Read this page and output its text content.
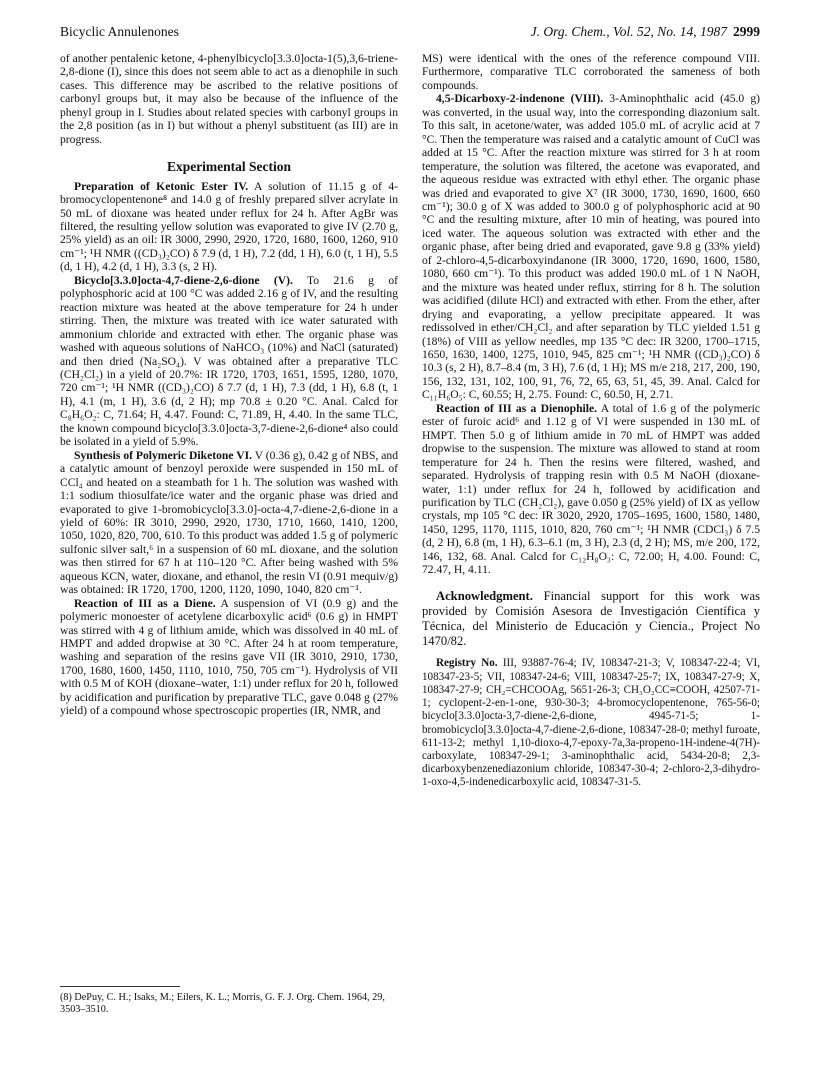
Bicyclic Annulenones	J. Org. Chem., Vol. 52, No. 14, 1987 2999

of another pentalenic ketone, 4-phenylbicyclo[3.3.0]octa-1(5),3,6-triene-2,8-dione (I), since this does not seem able to act as a dienophile in such cases. This difference may be ascribed to the relative positions of carbonyl groups but, it may also be because of the influence of the phenyl group in I. Studies about related species with carbonyl groups in the 2,8 position (as in I) but without a phenyl substituent (as III) are in progress.

Experimental Section

Preparation of Ketonic Ester IV. A solution of 11.15 g of 4-bromocyclopentenone⁸ and 14.0 g of freshly prepared silver acrylate in 50 mL of dioxane was heated under reflux for 24 h. After AgBr was filtered, the resulting yellow solution was evaporated to give IV (2.70 g, 25% yield) as an oil: IR 3000, 2990, 2920, 1720, 1680, 1600, 1260, 910 cm⁻¹; ¹H NMR ((CD₃)₂CO) δ 7.9 (d, 1 H), 7.2 (dd, 1 H), 6.0 (t, 1 H), 5.5 (d, 1 H), 4.2 (d, 1 H), 3.3 (s, 2 H).

Bicyclo[3.3.0]octa-4,7-diene-2,6-dione (V). To 21.6 g of polyphosphoric acid at 100 °C was added 2.16 g of IV, and the resulting reaction mixture was heated at the above temperature for 24 h under stirring. Then, the mixture was treated with ice water saturated with ammonium chloride and extracted with ether. The organic phase was washed with aqueous solutions of NaHCO₃ (10%) and NaCl (saturated) and then dried (Na₂SO₄). V was obtained after a preparative TLC (CH₂Cl₂) in a yield of 20.7%: IR 1720, 1703, 1651, 1595, 1280, 1070, 720 cm⁻¹; ¹H NMR ((CD₃)₂CO) δ 7.7 (d, 1 H), 7.3 (dd, 1 H), 6.8 (t, 1 H), 4.1 (m, 1 H), 3.6 (d, 2 H); mp 70.8 ± 0.20 °C. Anal. Calcd for C₈H₆O₂: C, 71.64; H, 4.47. Found: C, 71.89, H, 4.40. In the same TLC, the known compound bicyclo[3.3.0]octa-3,7-diene-2,6-dione⁴ also could be isolated in a yield of 5.9%.

Synthesis of Polymeric Diketone VI. V (0.36 g), 0.42 g of NBS, and a catalytic amount of benzoyl peroxide were suspended in 150 mL of CCl₄ and heated on a steambath for 1 h. The solution was washed with 1:1 sodium thiosulfate/ice water and the organic phase was dried and evaporated to give 1-bromobicyclo[3.3.0]-octa-4,7-diene-2,6-dione in a yield of 60%: IR 3010, 2990, 2920, 1730, 1710, 1660, 1410, 1200, 1050, 1020, 820, 700, 610. To this product was added 1.5 g of polymeric sulfonic silver salt,⁶ in a suspension of 60 mL dioxane, and the solution was then stirred for 67 h at 110–120 °C. After being washed with 5% aqueous KCN, water, dioxane, and ethanol, the resin VI (0.91 mequiv/g) was obtained: IR 1720, 1700, 1200, 1120, 1090, 1040, 820 cm⁻¹.

Reaction of III as a Diene. A suspension of VI (0.9 g) and the polymeric monoester of acetylene dicarboxylic acid⁶ (0.6 g) in HMPT was stirred with 4 g of lithium amide, which was dissolved in 40 mL of HMPT and added dropwise at 30 °C. After 24 h at room temperature, washing and separation of the resins gave VII (IR 3010, 2910, 1730, 1700, 1680, 1600, 1450, 1110, 1010, 750, 705 cm⁻¹). Hydrolysis of VII with 0.5 M of KOH (dioxane–water, 1:1) under reflux for 20 h, followed by acidification and purification by preparative TLC, gave 0.048 g (27% yield) of a compound whose spectroscopic properties (IR, NMR, and

(8) DePuy, C. H.; Isaks, M.; Eilers, K. L.; Morris, G. F. J. Org. Chem. 1964, 29, 3503–3510.

MS) were identical with the ones of the reference compound VIII. Furthermore, comparative TLC corroborated the sameness of both compounds.

4,5-Dicarboxy-2-indenone (VIII). 3-Aminophthalic acid (45.0 g) was converted, in the usual way, into the corresponding diazonium salt. To this salt, in acetone/water, was added 105.0 mL of acrylic acid at 7 °C. Then the temperature was raised and a catalytic amount of CuCl was added at 15 °C. After the reaction mixture was stirred for 3 h at room temperature, the solution was filtered, the acetone was evaporated, and the aqueous residue was extracted with ethyl ether. The organic phase was dried and evaporated to give X⁷ (IR 3000, 1730, 1690, 1600, 660 cm⁻¹); 30.0 g of X was added to 300.0 g of polyphosphoric acid at 90 °C and the resulting mixture, after 10 min of heating, was poured into iced water. The aqueous solution was extracted with ether and the organic phase, after being dried and evaporated, gave 9.8 g (33% yield) of 2-chloro-4,5-dicarboxyindanone (IR 3000, 1720, 1690, 1600, 1580, 1080, 660 cm⁻¹). To this product was added 190.0 mL of 1 N NaOH, and the mixture was heated under reflux, stirring for 8 h. The solution was acidified (dilute HCl) and extracted with ether. From the ether, after drying and evaporating, a yellow precipitate appeared. It was redissolved in ether/CH₂Cl₂ and after separation by TLC yielded 1.51 g (18%) of VIII as yellow needles, mp 135 °C dec: IR 3200, 1700–1715, 1650, 1630, 1400, 1275, 1010, 945, 825 cm⁻¹; ¹H NMR ((CD₃)₂CO) δ 10.3 (s, 2 H), 8.7–8.4 (m, 3 H), 7.6 (d, 1 H); MS m/e 218, 217, 200, 190, 156, 132, 131, 102, 100, 91, 76, 72, 65, 63, 51, 45, 39. Anal. Calcd for C₁₁H₆O₅: C, 60.55; H, 2.75. Found: C, 60.50, H, 2.71.

Reaction of III as a Dienophile. A total of 1.6 g of the polymeric ester of furoic acid⁶ and 1.12 g of VI were suspended in 130 mL of HMPT. Then 5.0 g of lithium amide in 70 mL of HMPT was added dropwise to the suspension. The mixture was allowed to stand at room temperature for 24 h. Then the resins were filtered, washed, and separated. Hydrolysis of trapping resin with 0.5 M NaOH (dioxane-water, 1:1) under reflux for 24 h, followed by acidification and purification by TLC (CH₂Cl₂), gave 0.050 g (25% yield) of IX as yellow crystals, mp 105 °C dec: IR 3020, 2920, 1705–1695, 1600, 1580, 1480, 1450, 1295, 1170, 1115, 1010, 820, 760 cm⁻¹; ¹H NMR (CDCl₃) δ 7.5 (d, 2 H), 6.8 (m, 1 H), 6.3–6.1 (m, 3 H), 2.3 (d, 2 H); MS, m/e 200, 172, 146, 132, 68. Anal. Calcd for C₁₂H₈O₃: C, 72.00; H, 4.00. Found: C, 72.47, H, 4.11.

Acknowledgment. Financial support for this work was provided by Comisión Asesora de Investigación Científica y Técnica, del Ministerio de Educación y Ciencia., Project No 1470/82.

Registry No. III, 93887-76-4; IV, 108347-21-3; V, 108347-22-4; VI, 108347-23-5; VII, 108347-24-6; VIII, 108347-25-7; IX, 108347-27-9; X, 108347-27-9; CH₂=CHCOOAg, 5651-26-3; CH₃O₂CC≡COOH, 42507-71-1; cyclopent-2-en-1-one, 930-30-3; 4-bromocyclopentenone, 765-56-0; bicyclo[3.3.0]octa-3,7-diene-2,6-dione, 4945-71-5; 1-bromobicyclo[3.3.0]octa-4,7-diene-2,6-dione, 108347-28-0; methyl furoate, 611-13-2; methyl 1,10-dioxo-4,7-epoxy-7a,3a-propeno-1H-indene-4(7H)-carboxylate, 108347-29-1; 3-aminophthalic acid, 5434-20-8; 2,3-dicarboxybenzenediazonium chloride, 108347-30-4; 2-chloro-2,3-dihydro-1-oxo-4,5-indenedicarboxylic acid, 108347-31-5.
